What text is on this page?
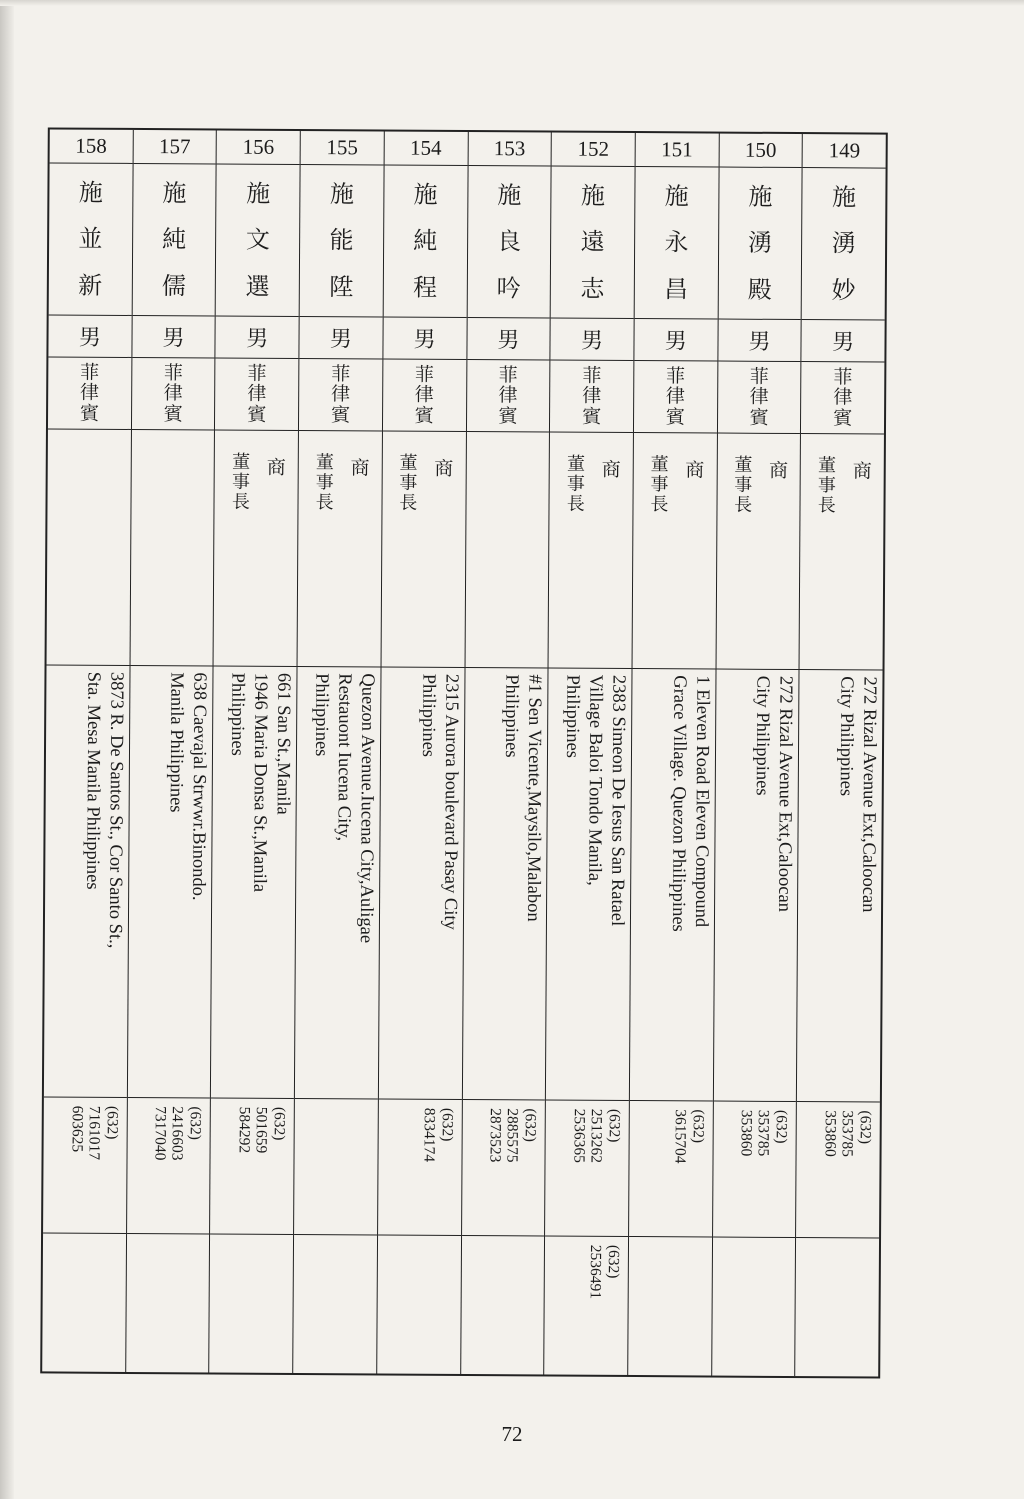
158
施
並
新
男
菲
律
賓
3873 R. De Santos St., Cor Santo St.,
Sta. Mesa Manila Philippines
(632)
7161017
603625
157
施
純
儒
男
菲
律
賓
638 Caevajal Strwwr.Binondo.
Manila Philippines
(632)
2416603
7317040
156
施
文
選
男
菲
律
賓
商
董
事
長
661 San St.,Manila
1946 Maria Donsa St.,Manila
Philippines
(632)
501659
584292
155
施
能
陞
男
菲
律
賓
商
董
事
長
Quezon Avenue.Iucena City,Auligae
Restauont Iucena City,
Philippines
154
施
純
程
男
菲
律
賓
商
董
事
長
2315 Aurora boulevard Pasay City
Philippines
(632)
8334174
153
施
良
吟
男
菲
律
賓
#1 Sen Vicente,Maysilo,Malabon
Philippines
(632)
2885575
2873523
152
施
遠
志
男
菲
律
賓
商
董
事
長
2383 Simeon De Iesus San Ratael
Village Baloi Tondo Manila,
Philippines
(632)
2513262
2536365
(632)
2536491
151
施
永
昌
男
菲
律
賓
商
董
事
長
1 Eleven Road Eleven Compound
Grace Village. Quezon Philippines
(632)
3615704
150
施
湧
殿
男
菲
律
賓
商
董
事
長
272 Rizal Avenue Ext,Caloocan
City Philippines
(632)
353785
353860
149
施
湧
妙
男
菲
律
賓
商
董
事
長
272 Rizal Avenue Ext,Caloocan
City Philippines
(632)
353785
353860
72
